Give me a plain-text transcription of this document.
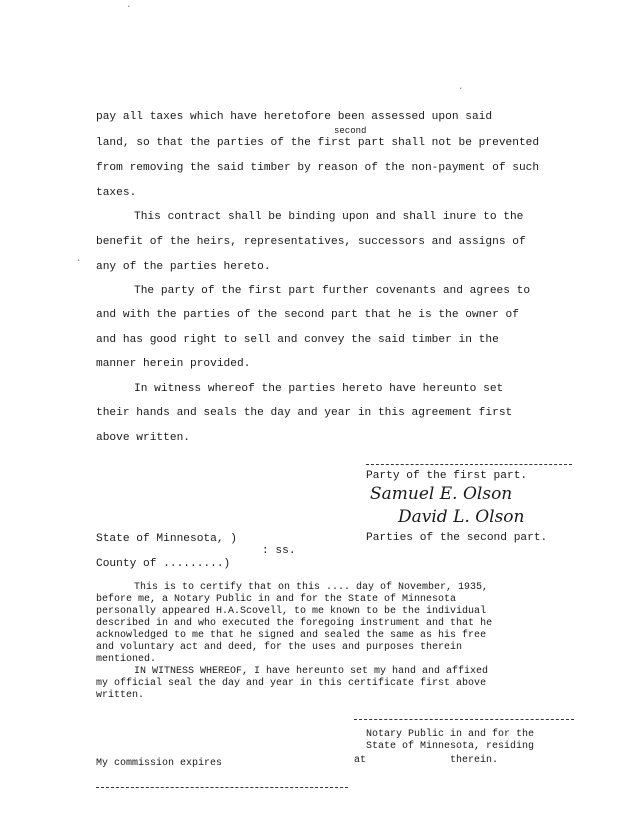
pay all taxes which have heretofore been assessed upon said
second
land, so that the parties of the first part shall not be prevented
from removing the said timber by reason of the non-payment of such
taxes.
This contract shall be binding upon and shall inure to the
benefit of the heirs, representatives, successors and assigns of
any of the parties hereto.
The party of the first part further covenants and agrees to
and with the parties of the second part that he is the owner of
and has good right to sell and convey the said timber in the
manner herein provided.
In witness whereof the parties hereto have hereunto set
their hands and seals the day and year in this agreement first
above written.
Party of the first part.
Samuel E. Olson
David L. Olson
Parties of the second part.
State of Minnesota, )
: ss.
County of .........)
This is to certify that on this .... day of November, 1935,
before me, a Notary Public in and for the State of Minnesota
personally appeared H.A.Scovell, to me known to be the individual
described in and who executed the foregoing instrument and that he
acknowledged to me that he signed and sealed the same as his free
and voluntary act and deed, for the uses and purposes therein
mentioned.
IN WITNESS WHEREOF, I have hereunto set my hand and affixed
my official seal the day and year in this certificate first above
written.
Notary Public in and for the
State of Minnesota, residing
at              therein.
My commission expires
·
·
·
